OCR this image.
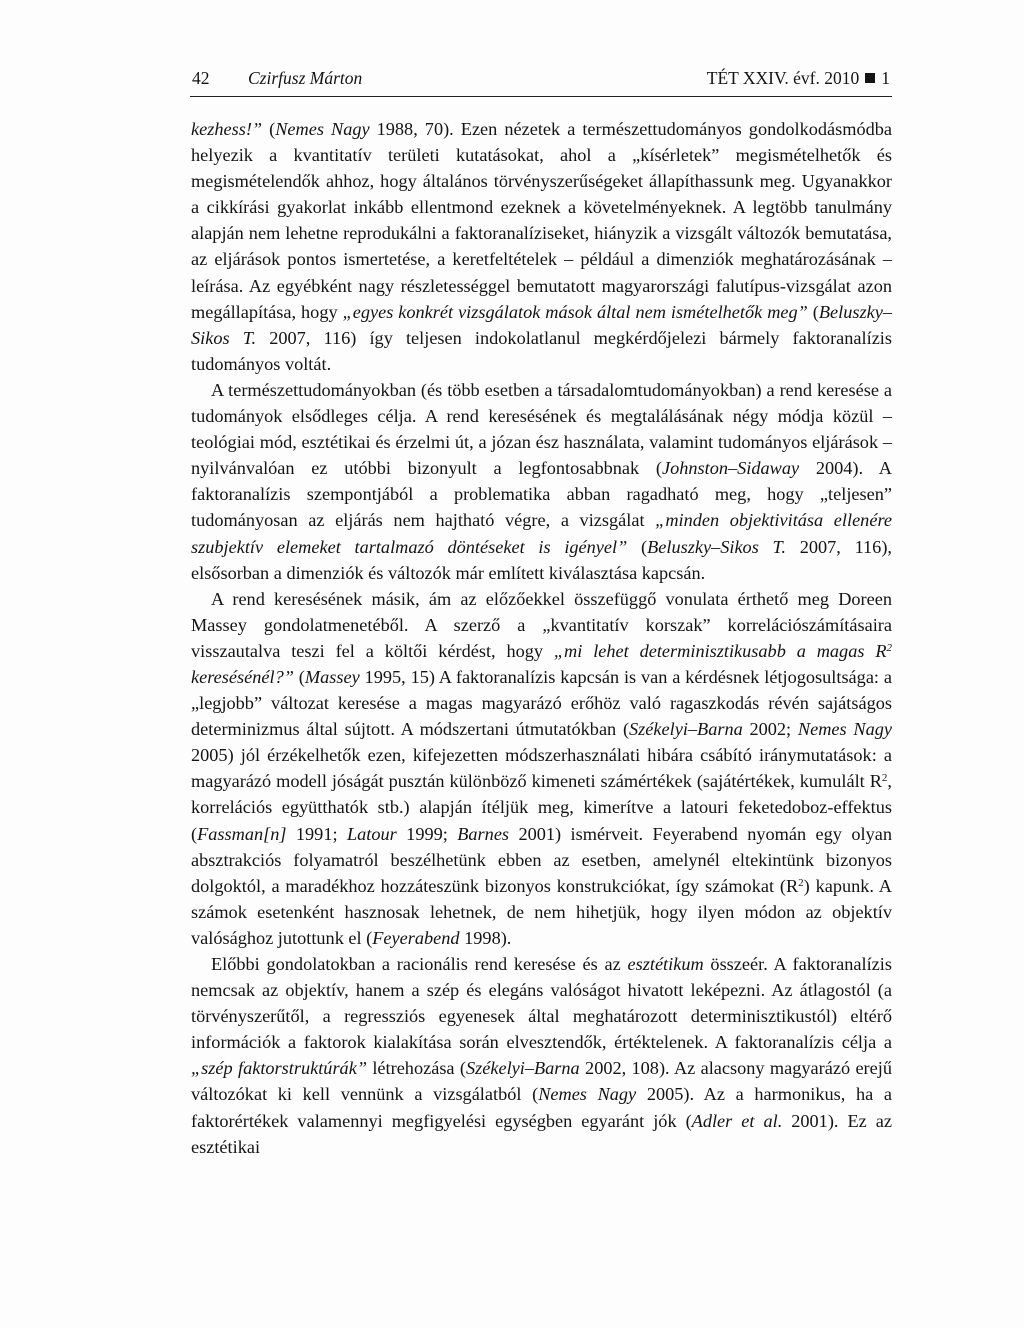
42 Czirfusz Márton	TÉT XXIV. évf. 2010 1

kezhess!” (Nemes Nagy 1988, 70). Ezen nézetek a természettudományos gondolkodásmódba helyezik a kvantitatív területi kutatásokat, ahol a „kísérletek” megismételhetők és megismételendők ahhoz, hogy általános törvényszerűségeket állapíthassunk meg. Ugyanakkor a cikkírási gyakorlat inkább ellentmond ezeknek a követelményeknek. A legtöbb tanulmány alapján nem lehetne reprodukálni a faktoranalíziseket, hiányzik a vizsgált változók bemutatása, az eljárások pontos ismertetése, a keretfeltételek – például a dimenziók meghatározásának – leírása. Az egyébként nagy részletességgel bemutatott magyarországi falutípus-vizsgálat azon megállapítása, hogy „egyes konkrét vizsgálatok mások által nem ismételhetők meg” (Beluszky–Sikos T. 2007, 116) így teljesen indokolatlanul megkérdőjelezi bármely faktoranalízis tudományos voltát.

A természettudományokban (és több esetben a társadalomtudományokban) a rend keresése a tudományok elsődleges célja. A rend keresésének és megtalálásának négy módja közül – teológiai mód, esztétikai és érzelmi út, a józan ész használata, valamint tudományos eljárások – nyilvánvalóan ez utóbbi bizonyult a legfontosabbnak (Johnston–Sidaway 2004). A faktoranalízis szempontjából a problematika abban ragadható meg, hogy „teljesen” tudományosan az eljárás nem hajtható végre, a vizsgálat „minden objektivitása ellenére szubjektív elemeket tartalmazó döntéseket is igényel” (Beluszky–Sikos T. 2007, 116), elsősorban a dimenziók és változók már említett kiválasztása kapcsán.

A rend keresésének másik, ám az előzőekkel összefüggő vonulata érthető meg Doreen Massey gondolatmenetéből. A szerző a „kvantitatív korszak” korrelációszámításaira visszautalva teszi fel a költői kérdést, hogy „mi lehet determinisztikusabb a magas $R^2$ keresésénél?” (Massey 1995, 15) A faktoranalízis kapcsán is van a kérdésnek létjogosultsága: a „legjobb” változat keresése a magas magyarázó erőhöz való ragaszkodás révén sajátságos determinizmus által sújtott. A módszertani útmutatókban (Székelyi–Barna 2002; Nemes Nagy 2005) jól érzékelhetők ezen, kifejezetten módszerhasználati hibára csábító iránymutatások: a magyarázó modell jóságát pusztán különböző kimeneti számértékek (sajátértékek, kumulált $R^2$, korrelációs együtthatók stb.) alapján ítéljük meg, kimerítve a latouri feketedoboz-effektus (Fassman[n] 1991; Latour 1999; Barnes 2001) ismérveit. Feyerabend nyomán egy olyan absztrakciós folyamatról beszélhetünk ebben az esetben, amelynél eltekintünk bizonyos dolgoktól, a maradékhoz hozzáteszünk bizonyos konstrukciókat, így számokat $(R^2)$ kapunk. A számok esetenként hasznosak lehetnek, de nem hihetjük, hogy ilyen módon az objektív valósághoz jutottunk el (Feyerabend 1998).

Előbbi gondolatokban a racionális rend keresése és az esztétikum összeér. A faktoranalízis nemcsak az objektív, hanem a szép és elegáns valóságot hivatott leképezni. Az átlagostól (a törvényszerűtől, a regressziós egyenesek által meghatározott determinisztikustól) eltérő információk a faktorok kialakítása során elvesztendők, értéktelenek. A faktoranalízis célja a „szép faktorstruktúrák” létrehozása (Székelyi–Barna 2002, 108). Az alacsony magyarázó erejű változókat ki kell vennünk a vizsgálatból (Nemes Nagy 2005). Az a harmonikus, ha a faktorértékek valamennyi megfigyelési egységben egyaránt jók (Adler et al. 2001). Ez az esztétikai
